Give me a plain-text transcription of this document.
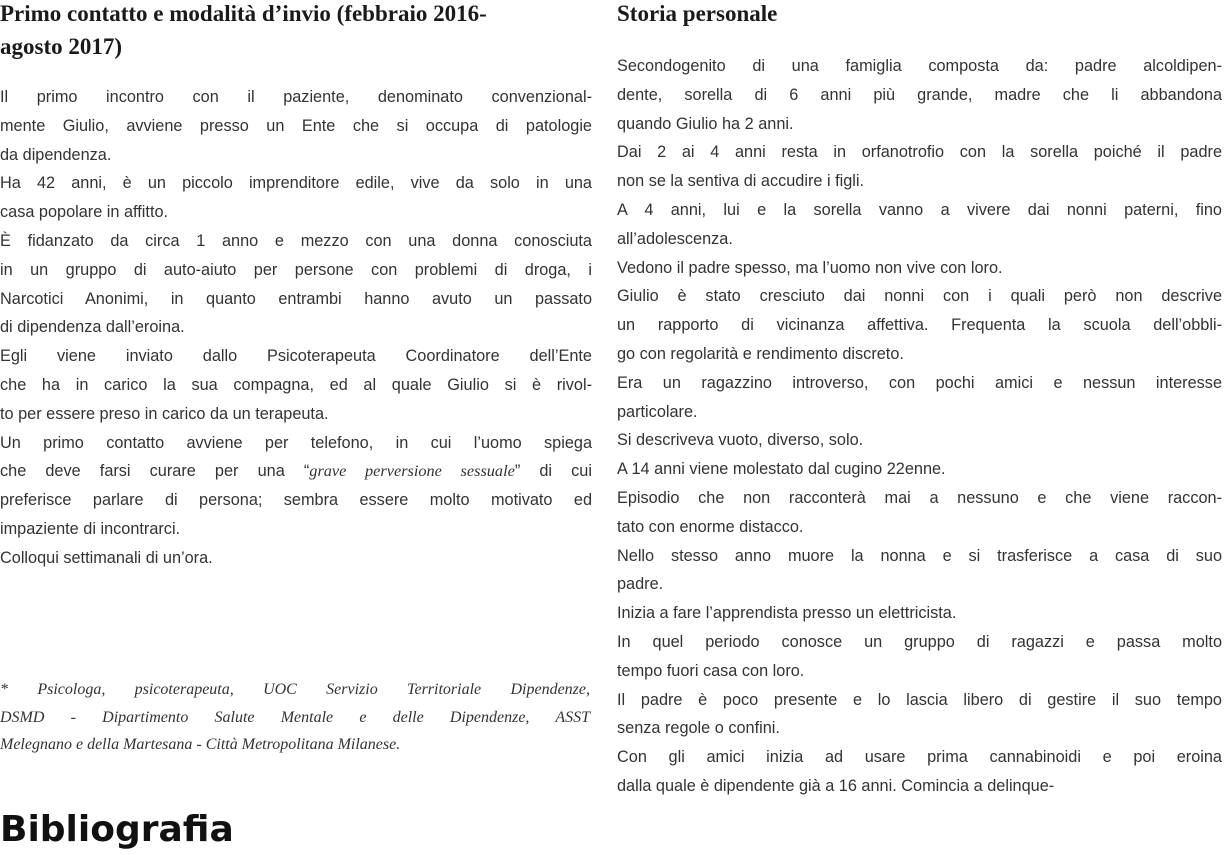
Primo contatto e modalità d’invio (febbraio 2016-
agosto 2017)
Il primo incontro con il paziente, denominato convenzional-
mente Giulio, avviene presso un Ente che si occupa di patologie
da dipendenza.
Ha 42 anni, è un piccolo imprenditore edile, vive da solo in una
casa popolare in affitto.
È fidanzato da circa 1 anno e mezzo con una donna conosciuta
in un gruppo di auto-aiuto per persone con problemi di droga, i
Narcotici Anonimi, in quanto entrambi hanno avuto un passato
di dipendenza dall’eroina.
Egli viene inviato dallo Psicoterapeuta Coordinatore dell’Ente
che ha in carico la sua compagna, ed al quale Giulio si è rivol-
to per essere preso in carico da un terapeuta.
Un primo contatto avviene per telefono, in cui l’uomo spiega
che deve farsi curare per una “grave perversione sessuale” di cui
preferisce parlare di persona; sembra essere molto motivato ed
impaziente di incontrarci.
Colloqui settimanali di un’ora.
* Psicologa, psicoterapeuta, UOC Servizio Territoriale Dipendenze,
DSMD - Dipartimento Salute Mentale e delle Dipendenze, ASST
Melegnano e della Martesana - Città Metropolitana Milanese.
Storia personale
Secondogenito di una famiglia composta da: padre alcoldipen-
dente, sorella di 6 anni più grande, madre che li abbandona
quando Giulio ha 2 anni.
Dai 2 ai 4 anni resta in orfanotrofio con la sorella poiché il padre
non se la sentiva di accudire i figli.
A 4 anni, lui e la sorella vanno a vivere dai nonni paterni, fino
all’adolescenza.
Vedono il padre spesso, ma l’uomo non vive con loro.
Giulio è stato cresciuto dai nonni con i quali però non descrive
un rapporto di vicinanza affettiva. Frequenta la scuola dell’obbli-
go con regolarità e rendimento discreto.
Era un ragazzino introverso, con pochi amici e nessun interesse
particolare.
Si descriveva vuoto, diverso, solo.
A 14 anni viene molestato dal cugino 22enne.
Episodio che non racconterà mai a nessuno e che viene raccon-
tato con enorme distacco.
Nello stesso anno muore la nonna e si trasferisce a casa di suo
padre.
Inizia a fare l’apprendista presso un elettricista.
In quel periodo conosce un gruppo di ragazzi e passa molto
tempo fuori casa con loro.
Il padre è poco presente e lo lascia libero di gestire il suo tempo
senza regole o confini.
Con gli amici inizia ad usare prima cannabinoidi e poi eroina
dalla quale è dipendente già a 16 anni. Comincia a delinque-
Bibliografia
